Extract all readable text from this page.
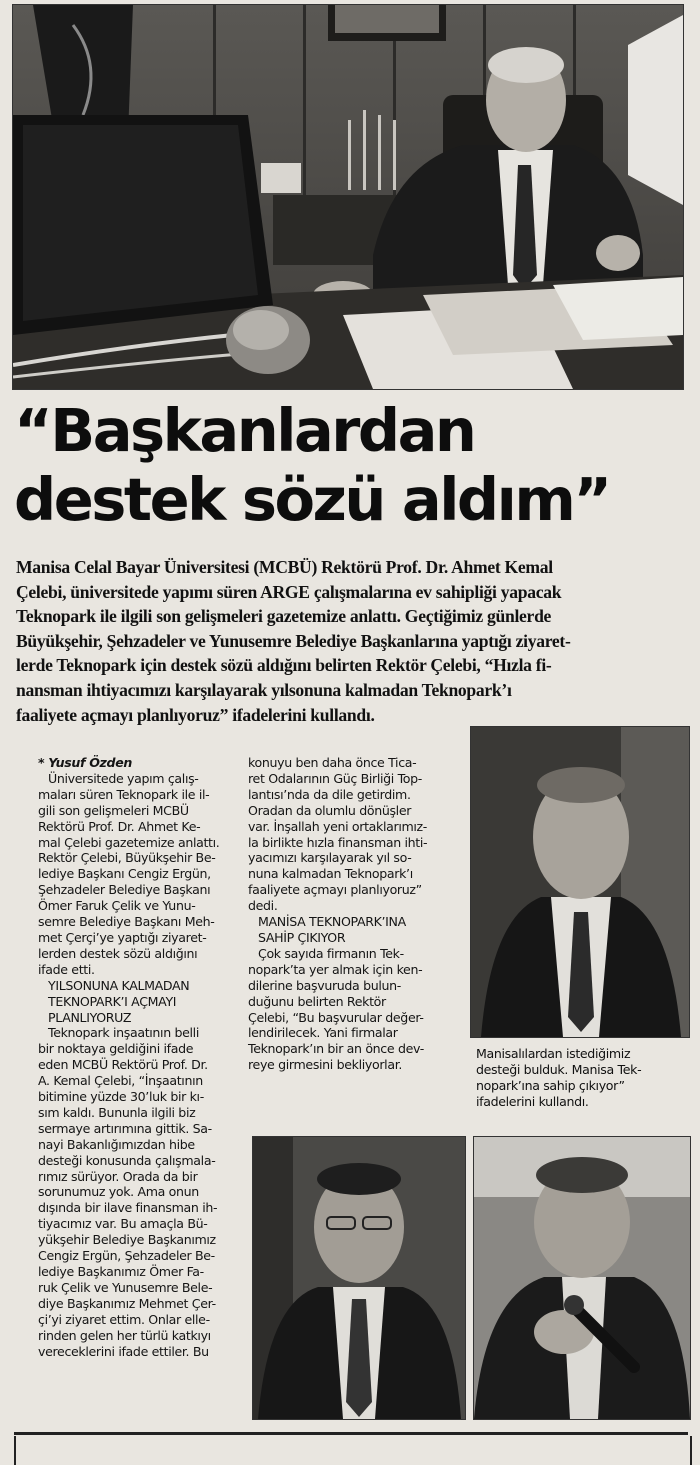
“Başkanlardan
destek sözü aldım”
Manisa Celal Bayar Üniversitesi (MCBÜ) Rektörü Prof. Dr. Ahmet Kemal
Çelebi, üniversitede yapımı süren ARGE çalışmalarına ev sahipliği yapacak
Teknopark ile ilgili son gelişmeleri gazetemize anlattı. Geçtiğimiz günlerde
Büyükşehir, Şehzadeler ve Yunusemre Belediye Başkanlarına yaptığı ziyaret-
lerde Teknopark için destek sözü aldığını belirten Rektör Çelebi, “Hızla fi-
nansman ihtiyacımızı karşılayarak yılsonuna kalmadan Teknopark’ı
faaliyete açmayı planlıyoruz” ifadelerini kullandı.
* Yusuf Özden
Üniversitede yapım çalış-
maları süren Teknopark ile il-
gili son gelişmeleri MCBÜ
Rektörü Prof. Dr. Ahmet Ke-
mal Çelebi gazetemize anlattı.
Rektör Çelebi, Büyükşehir Be-
lediye Başkanı Cengiz Ergün,
Şehzadeler Belediye Başkanı
Ömer Faruk Çelik ve Yunu-
semre Belediye Başkanı Meh-
met Çerçi’ye yaptığı ziyaret-
lerden destek sözü aldığını
ifade etti.
YILSONUNA KALMADAN
TEKNOPARK’I AÇMAYI
PLANLIYORUZ
Teknopark inşaatının belli
bir noktaya geldiğini ifade
eden MCBÜ Rektörü Prof. Dr.
A. Kemal Çelebi, “İnşaatının
bitimine yüzde 30’luk bir kı-
sım kaldı. Bununla ilgili biz
sermaye artırımına gittik. Sa-
nayi Bakanlığımızdan hibe
desteği konusunda çalışmala-
rımız sürüyor. Orada da bir
sorunumuz yok. Ama onun
dışında bir ilave finansman ih-
tiyacımız var. Bu amaçla Bü-
yükşehir Belediye Başkanımız
Cengiz Ergün, Şehzadeler Be-
lediye Başkanımız Ömer Fa-
ruk Çelik ve Yunusemre Bele-
diye Başkanımız Mehmet Çer-
çi’yi ziyaret ettim. Onlar elle-
rinden gelen her türlü katkıyı
vereceklerini ifade ettiler. Bu
konuyu ben daha önce Tica-
ret Odalarının Güç Birliği Top-
lantısı’nda da dile getirdim.
Oradan da olumlu dönüşler
var. İnşallah yeni ortaklarımız-
la birlikte hızla finansman ihti-
yacımızı karşılayarak yıl so-
nuna kalmadan Teknopark’ı
faaliyete açmayı planlıyoruz”
dedi.
MANİSA TEKNOPARK’INA
SAHİP ÇIKIYOR
Çok sayıda firmanın Tek-
nopark’ta yer almak için ken-
dilerine başvuruda bulun-
duğunu belirten Rektör
Çelebi, “Bu başvurular değer-
lendirilecek. Yani firmalar
Teknopark’ın bir an önce dev-
reye girmesini bekliyorlar.
Manisalılardan istediğimiz
desteği bulduk. Manisa Tek-
nopark’ına sahip çıkıyor”
ifadelerini kullandı.
